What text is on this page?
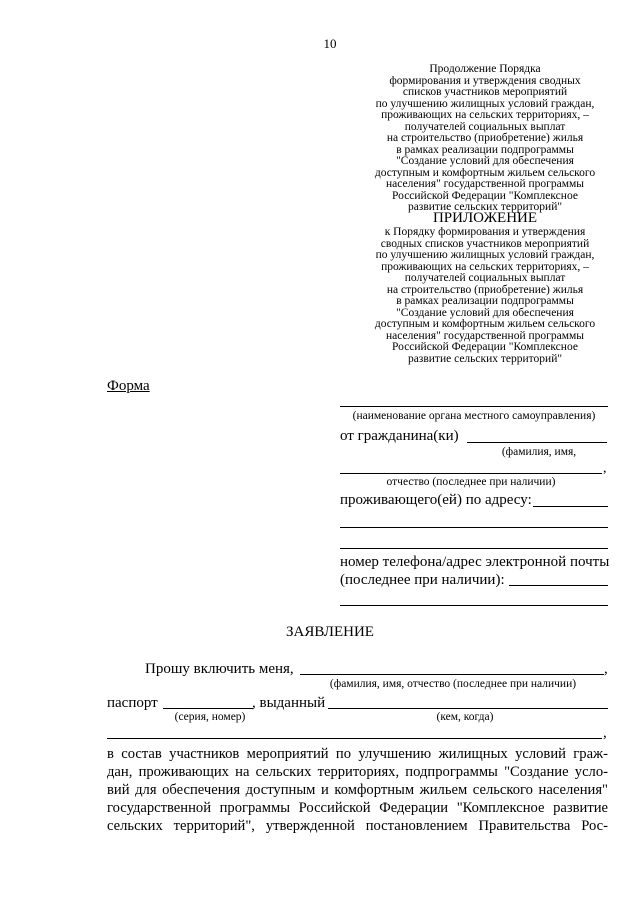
10
Продолжение Порядка
формирования и утверждения сводных
списков участников мероприятий
по улучшению жилищных условий граждан,
проживающих на сельских территориях, –
получателей социальных выплат
на строительство (приобретение) жилья
в рамках реализации подпрограммы
"Создание условий для обеспечения
доступным и комфортным жильем сельского
населения" государственной программы
Российской Федерации "Комплексное
развитие сельских территорий"
ПРИЛОЖЕНИЕ
к Порядку формирования и утверждения
сводных списков участников мероприятий
по улучшению жилищных условий граждан,
проживающих на сельских территориях, –
получателей социальных выплат
на строительство (приобретение) жилья
в рамках реализации подпрограммы
"Создание условий для обеспечения
доступным и комфортным жильем сельского
населения" государственной программы
Российской Федерации "Комплексное
развитие сельских территорий"
Форма
(наименование органа местного самоуправления)
от гражданина(ки)
(фамилия, имя,
,
отчество (последнее при наличии)
проживающего(ей) по адресу:
номер телефона/адрес электронной почты
(последнее при наличии):
ЗАЯВЛЕНИЕ
Прошу включить меня,	,
(фамилия, имя, отчество (последнее при наличии)
паспорт	, выданный
(серия, номер)	(кем, когда)
,
в состав участников мероприятий по улучшению жилищных условий граж-
дан, проживающих на сельских территориях, подпрограммы "Создание усло-
вий для обеспечения доступным и комфортным жильем сельского населения"
государственной программы Российской Федерации "Комплексное развитие
сельских территорий", утвержденной постановлением Правительства Рос-
